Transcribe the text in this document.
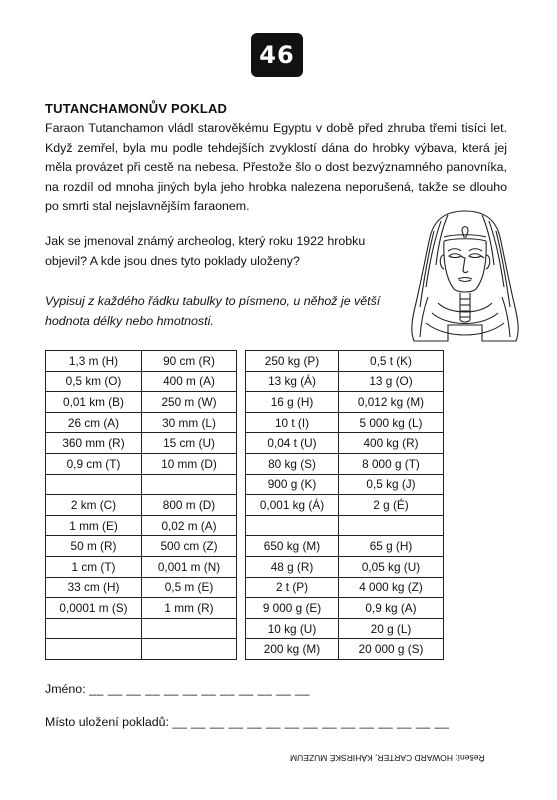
46
TUTANCHAMONŮV POKLAD

Faraon Tutanchamon vládl starověkému Egyptu v době před zhruba třemi tisíci let. Když zemřel, byla mu podle tehdejších zvyklostí dána do hrobky výbava, která jej měla provázet při cestě na nebesa. Přestože šlo o dost bezvýznamného panovníka, na rozdíl od mnoha jiných byla jeho hrobka nalezena neporušená, takže se dlouho po smrti stal nejslavnějším faraonem.

Jak se jmenoval známý archeolog, který roku 1922 hrobku objevil? A kde jsou dnes tyto poklady uloženy?

Vypisuj z každého řádku tabulky to písmeno, u něhož je větší hodnota délky nebo hmotnosti.

1,3 m (H)	90 cm (R)
0,5 km (O)	400 m (A)
0,01 km (B)	250 m (W)
26 cm (A)	30 mm (L)
360 mm (R)	15 cm (U)
0,9 cm (T)	10 mm (D)

2 km (C)	800 m (D)
1 mm (E)	0,02 m (A)
50 m (R)	500 cm (Z)
1 cm (T)	0,001 m (N)
33 cm (H)	0,5 m (E)
0,0001 m (S)	1 mm (R)

250 kg (P)	0,5 t (K)
13 kg (Á)	13 g (O)
16 g (H)	0,012 kg (M)
10 t (I)	5 000 kg (L)
0,04 t (U)	400 kg (R)
80 kg (S)	8 000 g (T)
900 g (K)	0,5 kg (J)
0,001 kg (Á)	2 g (É)

650 kg (M)	65 g (H)
48 g (R)	0,05 kg (U)
2 t (P)	4 000 kg (Z)
9 000 g (E)	0,9 kg (A)
10 kg (U)	20 g (L)
200 kg (M)	20 000 g (S)
Jméno: __ __ __ __ __ __ __ __ __ __ __ __
Místo uložení pokladů: __ __ __ __ __ __ __ __ __ __ __ __ __ __ __
Řešení: HOWARD CARTER, KÁHIRSKÉ MUZEUM
